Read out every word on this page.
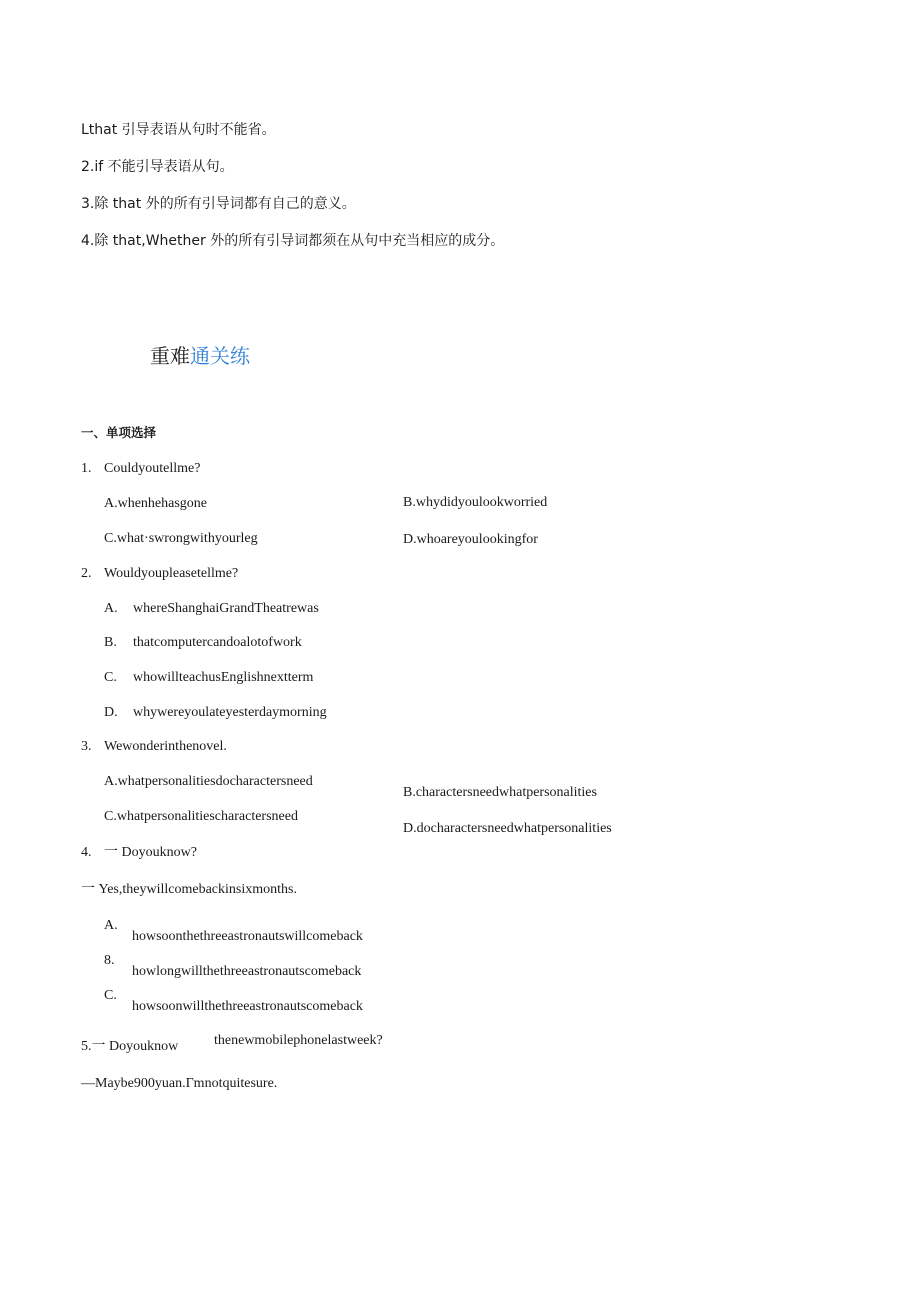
Lthat 引导表语从句时不能省。
2.if 不能引导表语从句。
3.除 that 外的所有引导词都有自己的意义。
4.除 that,Whether 外的所有引导词都须在从句中充当相应的成分。
重难通关练
一、单项选择
1. Couldyoutellme?
A.whenhehasgone	B.whydidyoulookworried
C.what·swrongwithyourleg	D.whoareyoulookingfor
2. Wouldyoupleasetellme?
A. whereShanghaiGrandTheatrewas
B. thatcomputercandoalotofwork
C. whowillteachusEnglishnextterm
D. whywereyoulateyesterdaymorning
3. Wewonderinthenovel.
A.whatpersonalitiesdocharactersneed
B.charactersneedwhatpersonalities
C.whatpersonalitiescharactersneed
D.docharactersneedwhatpersonalities
4. 一 Doyouknow?
一 Yes,theywillcomebackinsixmonths.
A.
howsoonthethreeastronautswillcomeback
8.
howlongwillthethreeastronautscomeback
C.
howsoonwillthethreeastronautscomeback
5.一 Doyouknow	thenewmobilephonelastweek?
—Maybe900yuan.Γmnotquitesure.
